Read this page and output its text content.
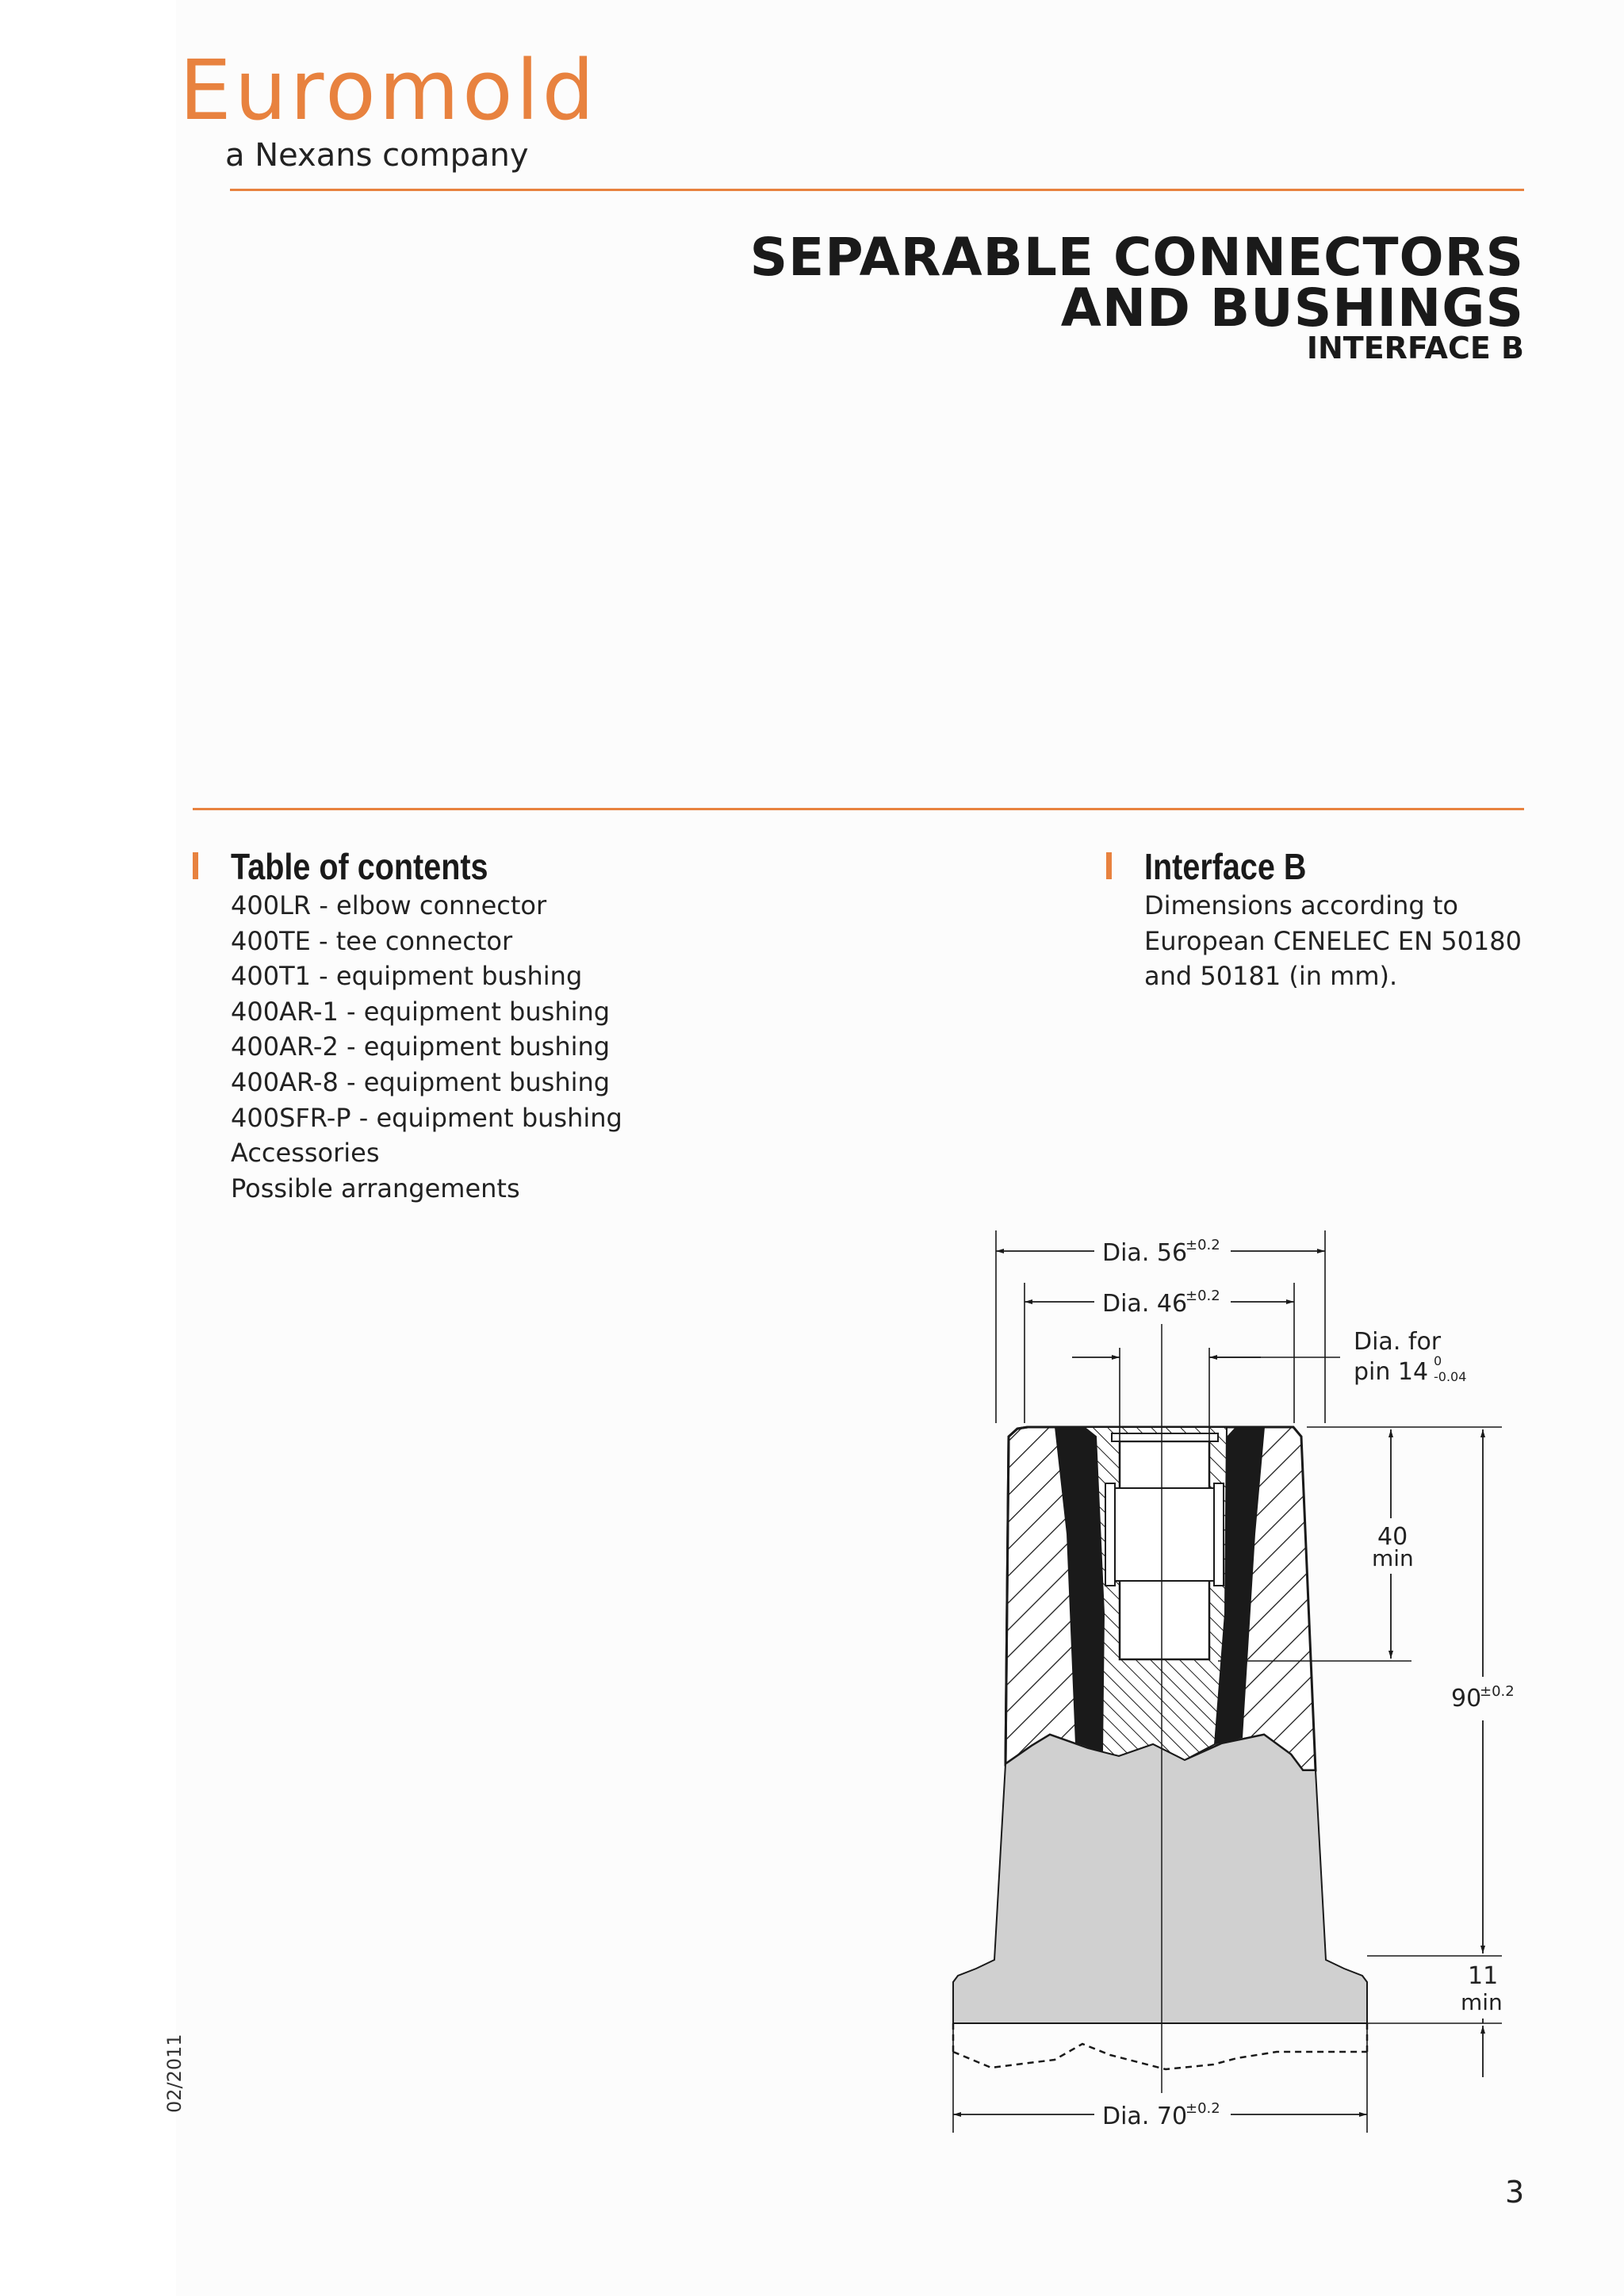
Euromold
a Nexans company
SEPARABLE CONNECTORS
AND BUSHINGS
INTERFACE B
Table of contents
400LR - elbow connector
400TE - tee connector
400T1 - equipment bushing
400AR-1 - equipment bushing
400AR-2 - equipment bushing
400AR-8 - equipment bushing
400SFR-P - equipment bushing
Accessories
Possible arrangements
Interface B
Dimensions according to
European CENELEC EN 50180
and 50181 (in mm).
Dia. 56
±0.2
Dia. 46
±0.2
Dia. for
pin 14 0
-0.04
40
min
90
±0.2
11
min
Dia. 70
±0.2
02/2011
3
